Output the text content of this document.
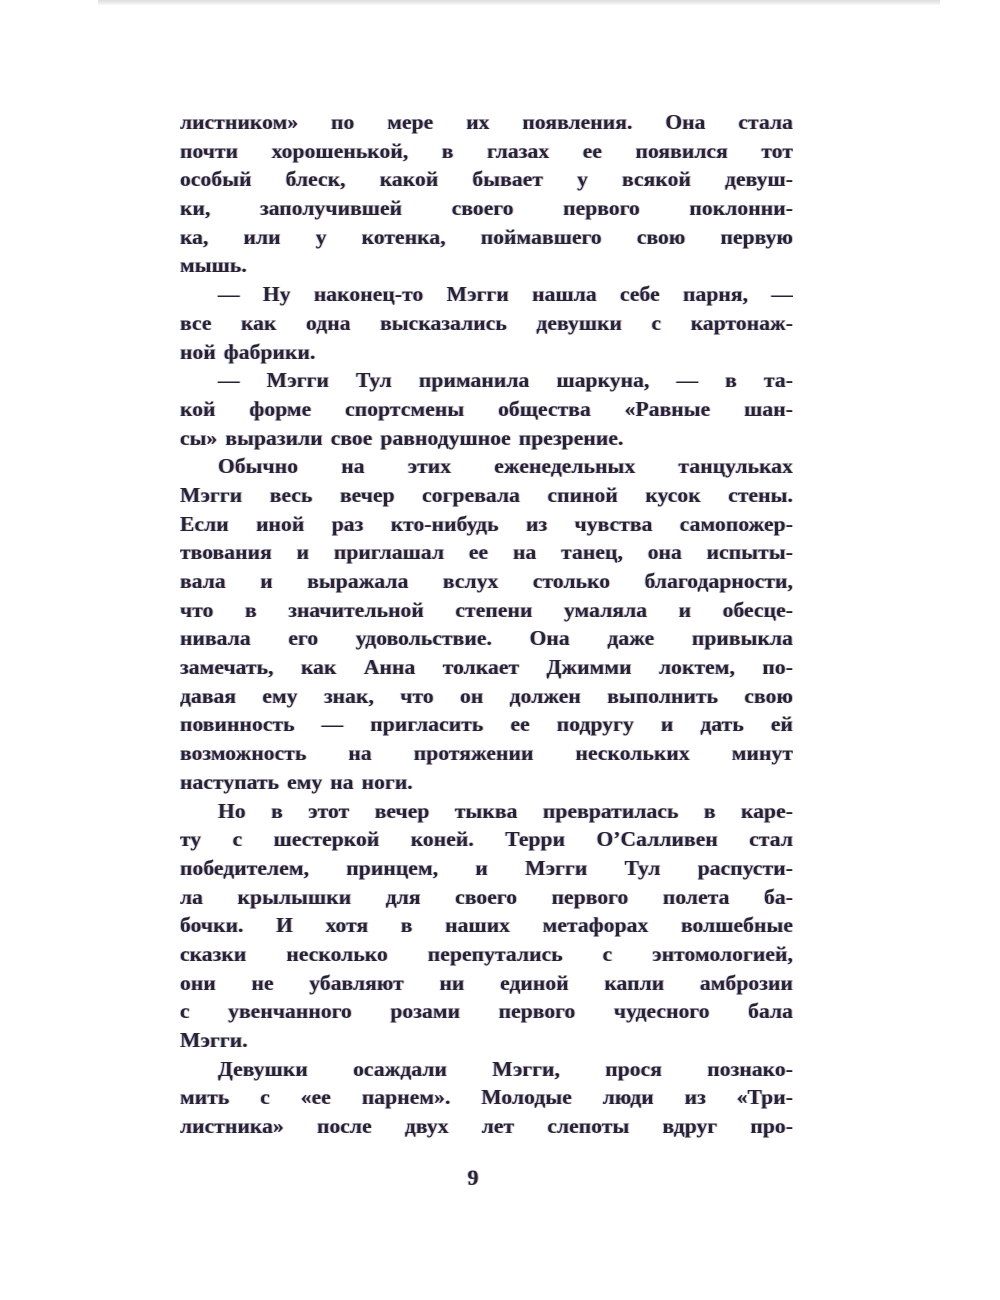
листником» по мере их появления. Она стала
почти хорошенькой, в глазах ее появился тот
особый блеск, какой бывает у всякой девуш-
ки, заполучившей своего первого поклонни-
ка, или у котенка, поймавшего свою первую
мышь.
— Ну наконец-то Мэгги нашла себе парня, —
все как одна высказались девушки с картонаж-
ной фабрики.
— Мэгги Тул приманила шаркуна, — в та-
кой форме спортсмены общества «Равные шан-
сы» выразили свое равнодушное презрение.
Обычно на этих еженедельных танцульках
Мэгги весь вечер согревала спиной кусок стены.
Если иной раз кто-нибудь из чувства самопожер-
твования и приглашал ее на танец, она испыты-
вала и выражала вслух столько благодарности,
что в значительной степени умаляла и обесце-
нивала его удовольствие. Она даже привыкла
замечать, как Анна толкает Джимми локтем, по-
давая ему знак, что он должен выполнить свою
повинность — пригласить ее подругу и дать ей
возможность на протяжении нескольких минут
наступать ему на ноги.
Но в этот вечер тыква превратилась в каре-
ту с шестеркой коней. Терри О’Салливен стал
победителем, принцем, и Мэгги Тул распусти-
ла крылышки для своего первого полета ба-
бочки. И хотя в наших метафорах волшебные
сказки несколько перепутались с энтомологией,
они не убавляют ни единой капли амброзии
с увенчанного розами первого чудесного бала
Мэгги.
Девушки осаждали Мэгги, прося познако-
мить с «ее парнем». Молодые люди из «Три-
листника» после двух лет слепоты вдруг про-
9
